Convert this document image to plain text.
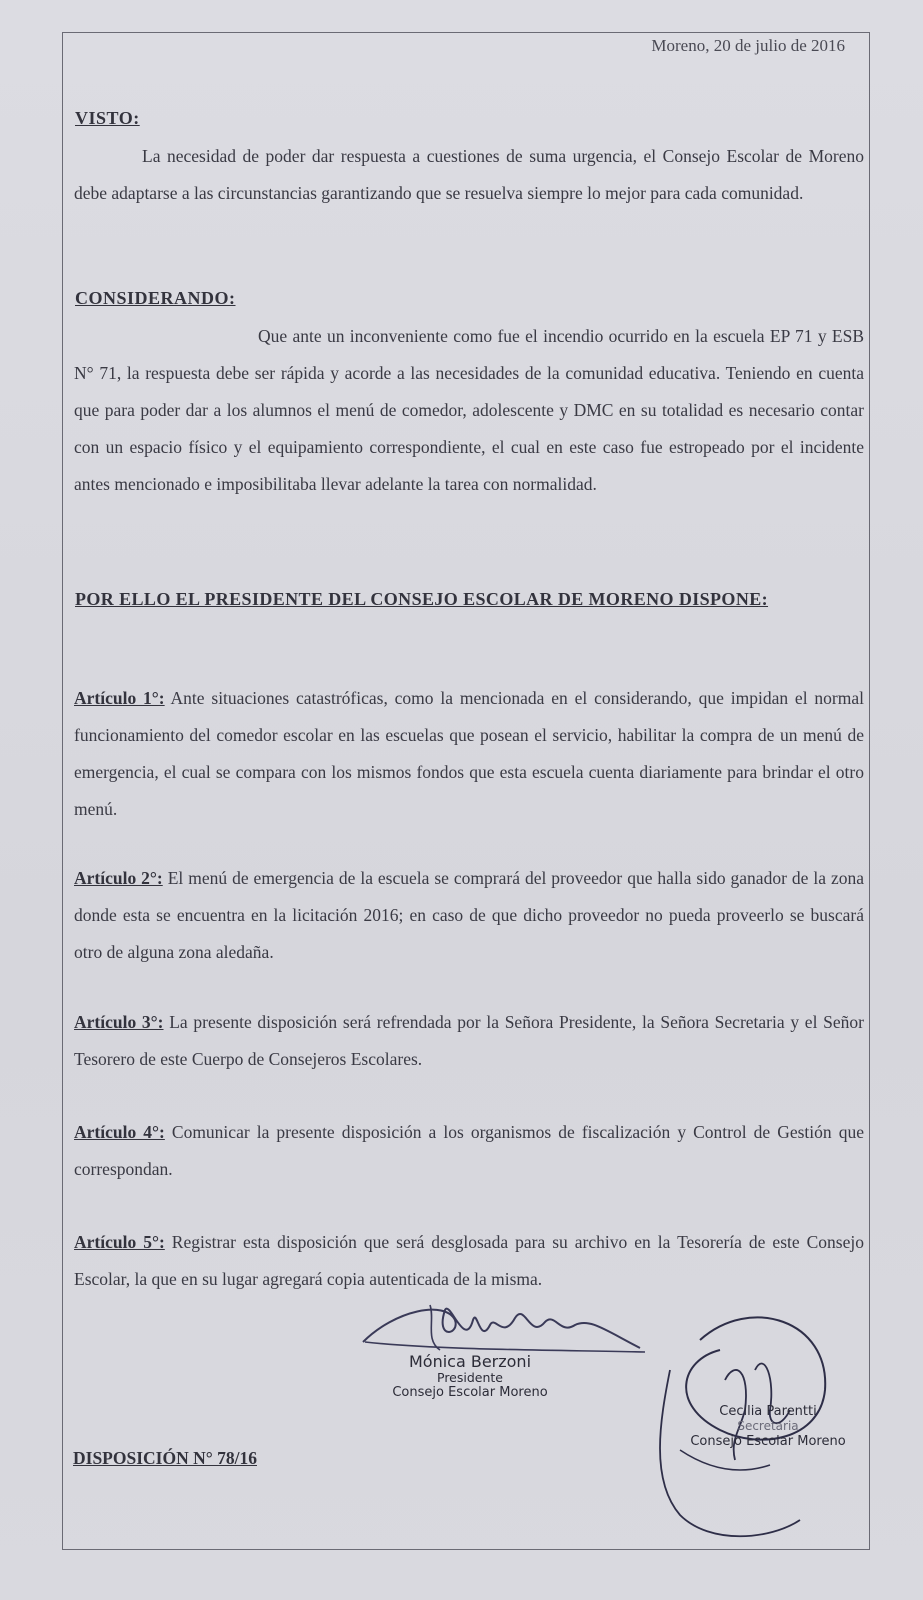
Moreno, 20 de julio de 2016
VISTO:
La necesidad de poder dar respuesta a cuestiones de suma urgencia, el Consejo Escolar de Moreno debe adaptarse a las circunstancias garantizando que se resuelva siempre lo mejor para cada comunidad.
CONSIDERANDO:
Que ante un inconveniente como fue el incendio ocurrido en la escuela EP 71 y ESB N° 71, la respuesta debe ser rápida y acorde a las necesidades de la comunidad educativa. Teniendo en cuenta que para poder dar a los alumnos el menú de comedor, adolescente y DMC en su totalidad es necesario contar con un espacio físico y el equipamiento correspondiente, el cual en este caso fue estropeado por el incidente antes mencionado e imposibilitaba llevar adelante la tarea con normalidad.
POR ELLO EL PRESIDENTE DEL CONSEJO ESCOLAR DE MORENO DISPONE:
Artículo 1°: Ante situaciones catastróficas, como la mencionada en el considerando, que impidan el normal funcionamiento del comedor escolar en las escuelas que posean el servicio, habilitar la compra de un menú de emergencia, el cual se compara con los mismos fondos que esta escuela cuenta diariamente para brindar el otro menú.
Artículo 2°: El menú de emergencia de la escuela se comprará del proveedor que halla sido ganador de la zona donde esta se encuentra en la licitación 2016; en caso de que dicho proveedor no pueda proveerlo se buscará otro de alguna zona aledaña.
Artículo 3°: La presente disposición será refrendada por la Señora Presidente, la Señora Secretaria y el Señor Tesorero de este Cuerpo de Consejeros Escolares.
Artículo 4°: Comunicar la presente disposición a los organismos de fiscalización y Control de Gestión que correspondan.
Artículo 5°: Registrar esta disposición que será desglosada para su archivo en la Tesorería de este Consejo Escolar, la que en su lugar agregará copia autenticada de la misma.
Mónica Berzoni
Presidente
Consejo Escolar Moreno
Cecilia Parentti
Secretaria
Consejo Escolar Moreno
DISPOSICIÓN N° 78/16
